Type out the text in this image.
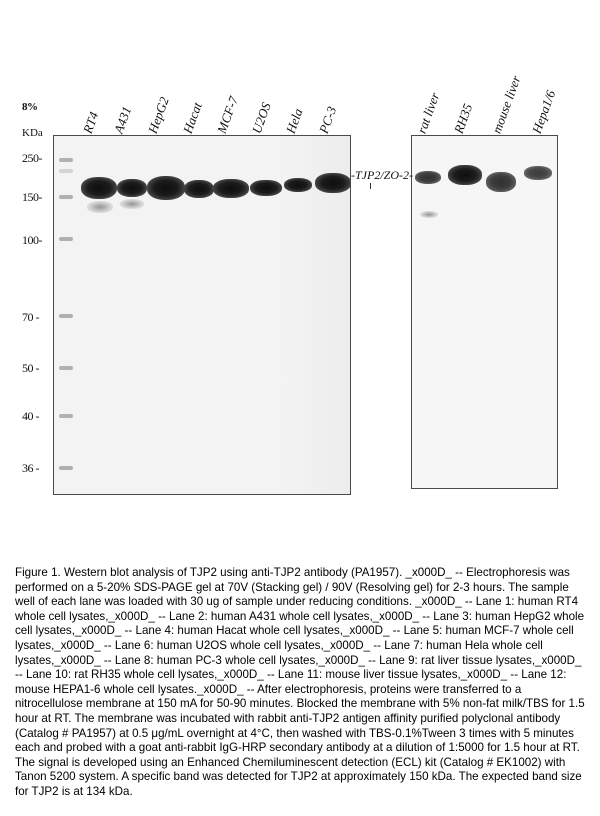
8%
KDa
250-
150-
100-
70 -
50 -
40 -
36 -
RT4 A431 HepG2 Hacat MCF-7 U2OS Hela PC-3	rat liver RH35 mouse liver Hepa1/6
-TJP2/ZO-2-

Figure 1. Western blot analysis of TJP2 using anti-TJP2 antibody (PA1957). _x000D_ -- Electrophoresis was performed on a 5-20% SDS-PAGE gel at 70V (Stacking gel) / 90V (Resolving gel) for 2-3 hours. The sample well of each lane was loaded with 30 ug of sample under reducing conditions. _x000D_ -- Lane 1: human RT4 whole cell lysates,_x000D_ -- Lane 2: human A431 whole cell lysates,_x000D_ -- Lane 3: human HepG2 whole cell lysates,_x000D_ -- Lane 4: human Hacat whole cell lysates,_x000D_ -- Lane 5: human MCF-7 whole cell lysates,_x000D_ -- Lane 6: human U2OS whole cell lysates,_x000D_ -- Lane 7: human Hela whole cell lysates,_x000D_ -- Lane 8: human PC-3 whole cell lysates,_x000D_ -- Lane 9: rat liver tissue lysates,_x000D_ -- Lane 10: rat RH35 whole cell lysates,_x000D_ -- Lane 11: mouse liver tissue lysates,_x000D_ -- Lane 12: mouse HEPA1-6 whole cell lysates._x000D_ -- After electrophoresis, proteins were transferred to a nitrocellulose membrane at 150 mA for 50-90 minutes. Blocked the membrane with 5% non-fat milk/TBS for 1.5 hour at RT. The membrane was incubated with rabbit anti-TJP2 antigen affinity purified polyclonal antibody (Catalog # PA1957) at 0.5 μg/mL overnight at 4°C, then washed with TBS-0.1%Tween 3 times with 5 minutes each and probed with a goat anti-rabbit IgG-HRP secondary antibody at a dilution of 1:5000 for 1.5 hour at RT. The signal is developed using an Enhanced Chemiluminescent detection (ECL) kit (Catalog # EK1002) with Tanon 5200 system. A specific band was detected for TJP2 at approximately 150 kDa. The expected band size for TJP2 is at 134 kDa.
